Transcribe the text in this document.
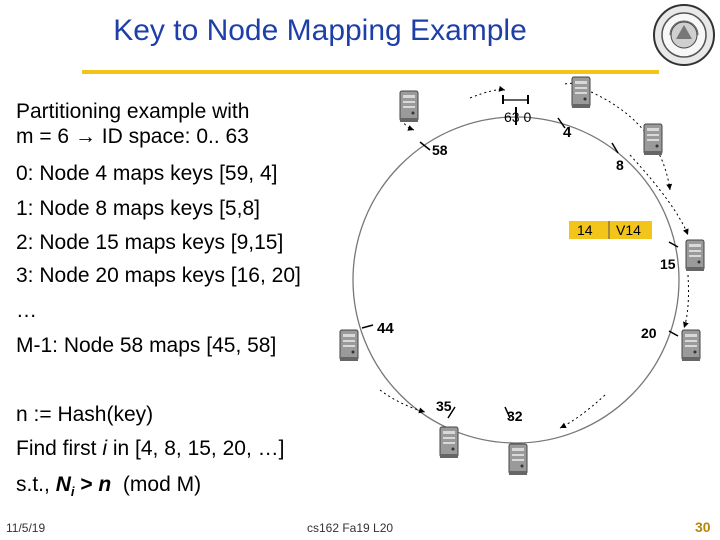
Key to Node Mapping Example
Partitioning example with
m = 6 → ID space: 0.. 63
0: Node 4 maps keys [59, 4]
1: Node 8 maps keys [5,8]
2: Node 15 maps keys [9,15]
3: Node 20 maps keys [16, 20]
…
M-1: Node 58 maps [45, 58]
n := Hash(key)
Find first i in [4, 8, 15, 20, …]
s.t., $N_i > n$  (mod M)
63 0
4
8
15
20
32
35
44
58
14 V14
11/5/19	cs162 Fa19 L20	30
